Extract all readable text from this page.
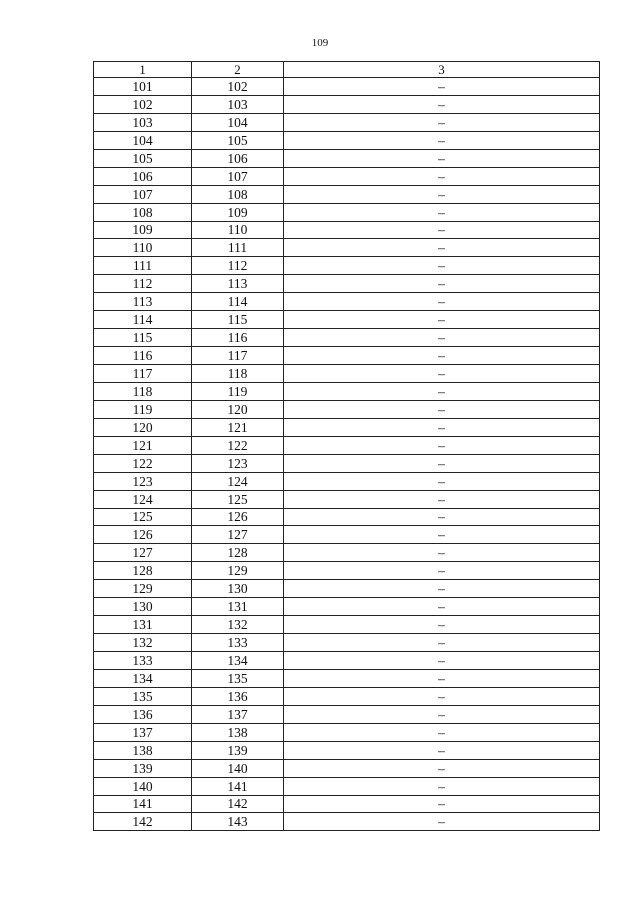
109
1	2	3
101	102	–
102	103	–
103	104	–
104	105	–
105	106	–
106	107	–
107	108	–
108	109	–
109	110	–
110	111	–
111	112	–
112	113	–
113	114	–
114	115	–
115	116	–
116	117	–
117	118	–
118	119	–
119	120	–
120	121	–
121	122	–
122	123	–
123	124	–
124	125	–
125	126	–
126	127	–
127	128	–
128	129	–
129	130	–
130	131	–
131	132	–
132	133	–
133	134	–
134	135	–
135	136	–
136	137	–
137	138	–
138	139	–
139	140	–
140	141	–
141	142	–
142	143	–
